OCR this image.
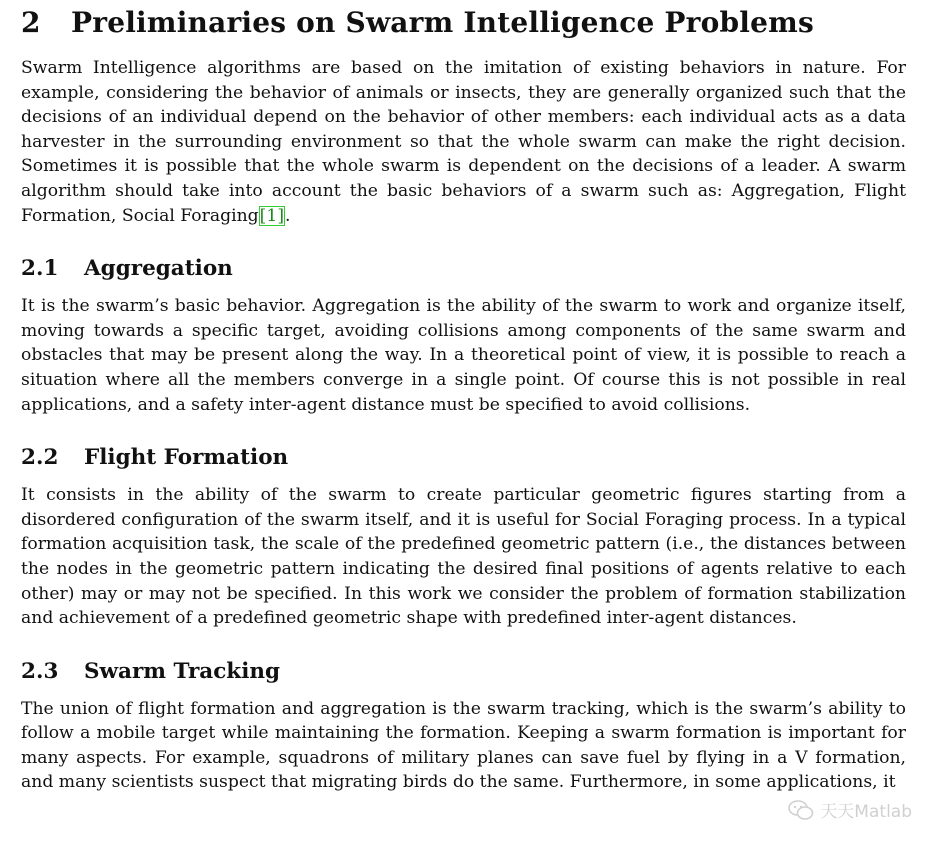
2 Preliminaries on Swarm Intelligence Problems

Swarm Intelligence algorithms are based on the imitation of existing behaviors in nature. For example, considering the behavior of animals or insects, they are generally organized such that the decisions of an individual depend on the behavior of other members: each individual acts as a data harvester in the surrounding environment so that the whole swarm can make the right decision. Sometimes it is possible that the whole swarm is dependent on the decisions of a leader. A swarm algorithm should take into account the basic behaviors of a swarm such as: Aggregation, Flight Formation, Social Foraging[1].

2.1 Aggregation

It is the swarm’s basic behavior. Aggregation is the ability of the swarm to work and organize itself, moving towards a specific target, avoiding collisions among components of the same swarm and obstacles that may be present along the way. In a theoretical point of view, it is possible to reach a situation where all the members converge in a single point. Of course this is not possible in real applications, and a safety inter-agent distance must be specified to avoid collisions.

2.2 Flight Formation

It consists in the ability of the swarm to create particular geometric figures starting from a disordered configuration of the swarm itself, and it is useful for Social Foraging process. In a typical formation acquisition task, the scale of the predefined geometric pattern (i.e., the distances between the nodes in the geometric pattern indicating the desired final positions of agents relative to each other) may or may not be specified. In this work we consider the problem of formation stabilization and achievement of a predefined geometric shape with predefined inter-agent distances.

2.3 Swarm Tracking

The union of flight formation and aggregation is the swarm tracking, which is the swarm’s ability to follow a mobile target while maintaining the formation. Keeping a swarm formation is important for many aspects. For example, squadrons of military planes can save fuel by flying in a V formation, and many scientists suspect that migrating birds do the same. Furthermore, in some applications, it

天天Matlab
